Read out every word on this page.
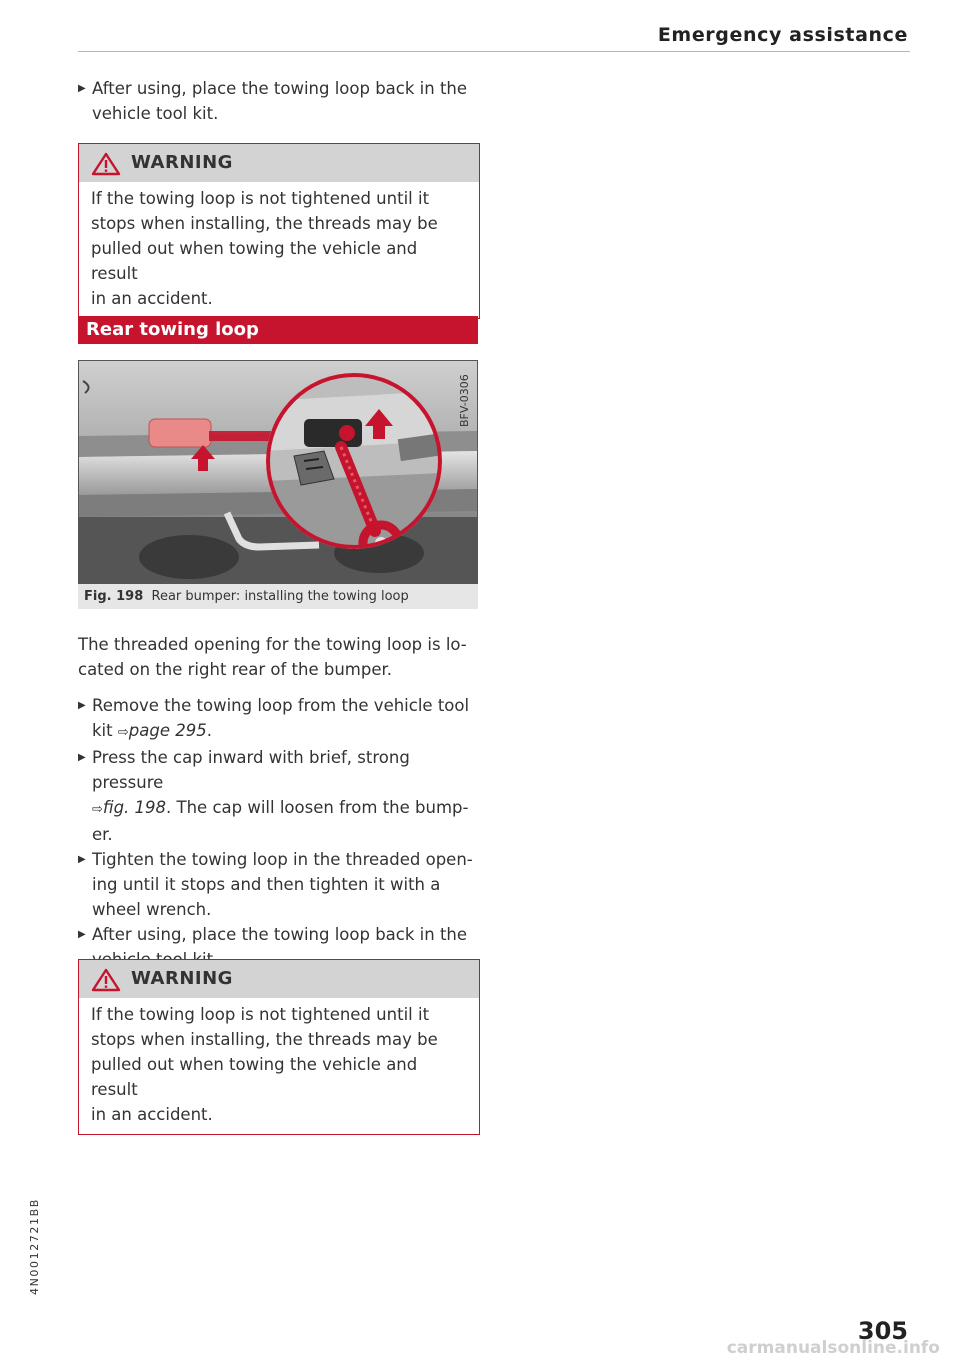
Emergency assistance
▶ After using, place the towing loop back in the
vehicle tool kit.
WARNING
If the towing loop is not tightened until it
stops when installing, the threads may be
pulled out when towing the vehicle and result
in an accident.
Rear towing loop
BFV-0306
Fig. 198 Rear bumper: installing the towing loop
The threaded opening for the towing loop is lo-
cated on the right rear of the bumper.
▶ Remove the towing loop from the vehicle tool
kit ⇨page 295.
▶ Press the cap inward with brief, strong pressure
⇨fig. 198. The cap will loosen from the bump-
er.
▶ Tighten the towing loop in the threaded open-
ing until it stops and then tighten it with a
wheel wrench.
▶ After using, place the towing loop back in the
WARNING
If the towing loop is not tightened until it
stops when installing, the threads may be
pulled out when towing the vehicle and result
in an accident.
4N0012721BB
305
carmanualsonline.info
